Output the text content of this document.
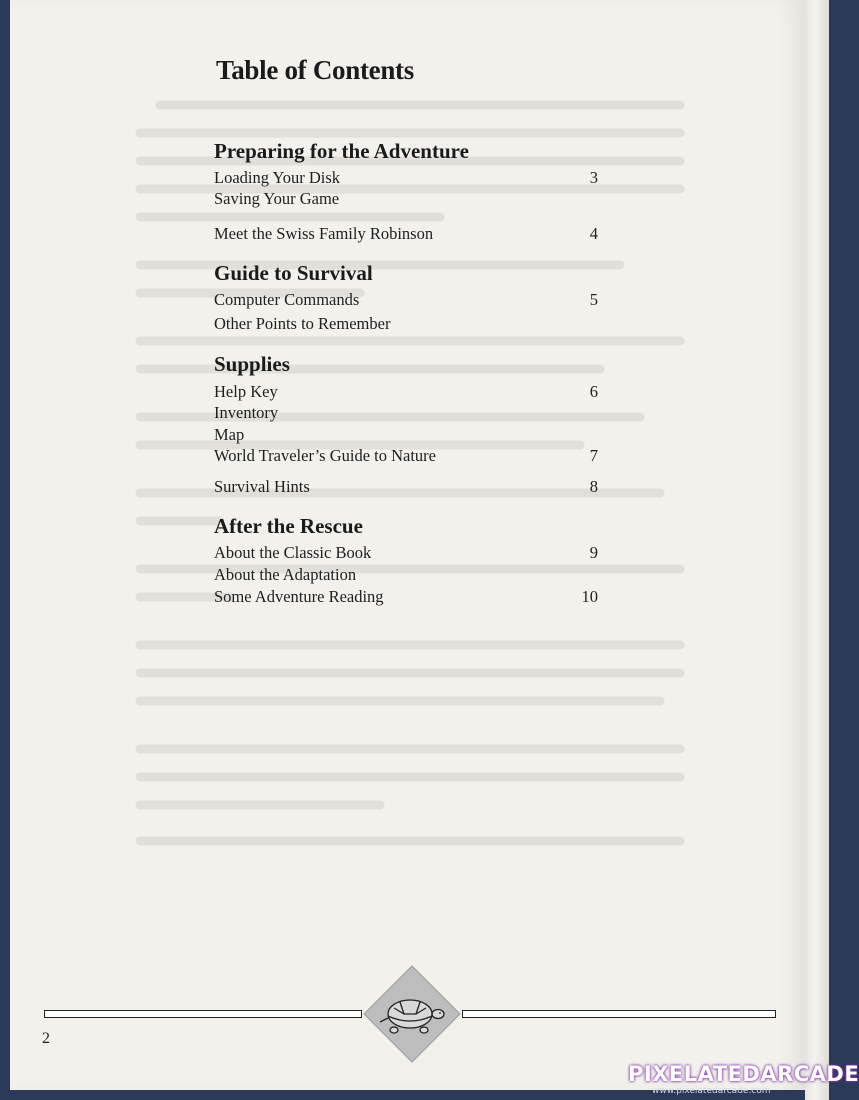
Table of Contents
Preparing for the Adventure
Loading Your Disk	3
Saving Your Game
Meet the Swiss Family Robinson	4
Guide to Survival
Computer Commands	5
Other Points to Remember
Supplies
Help Key	6
Inventory
Map
World Traveler’s Guide to Nature	7
Survival Hints	8
After the Rescue
About the Classic Book	9
About the Adaptation
Some Adventure Reading	10
2
PIXELATEDARCADE
www.pixelatedarcade.com
